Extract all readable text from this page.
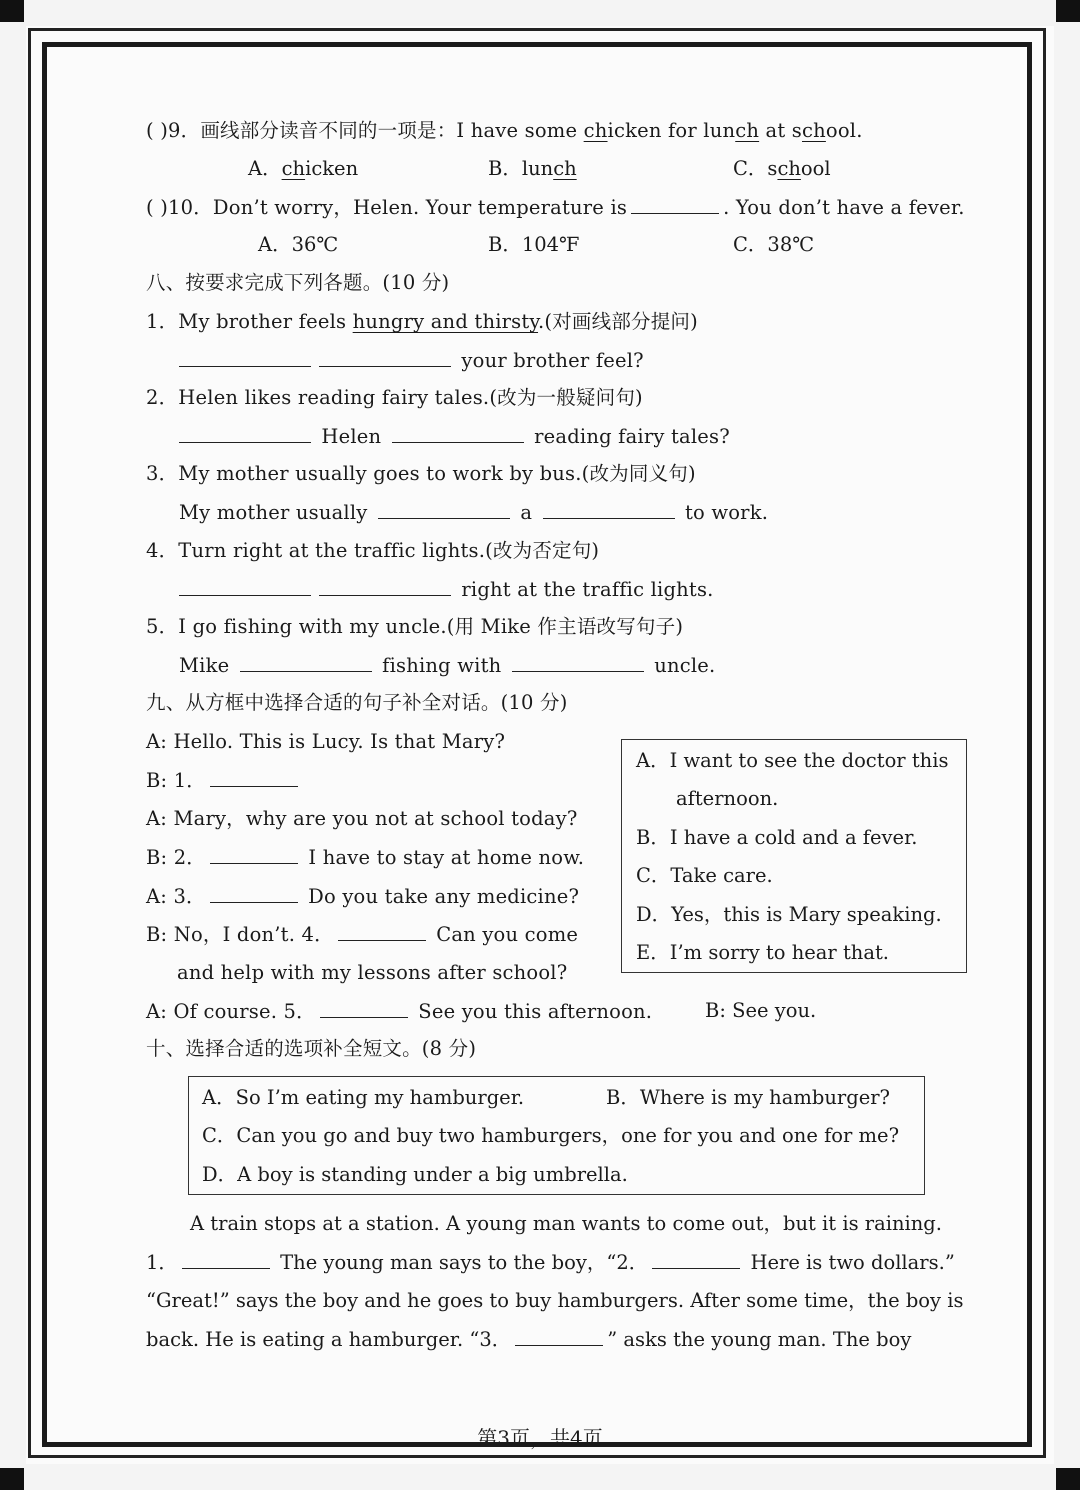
( )9．画线部分读音不同的一项是：I have some chicken for lunch at school.
A．chicken	B．lunch	C．school
( )10．Don’t worry，Helen. Your temperature is	. You don’t have a fever.
A．36℃	B．104℉	C．38℃
八、按要求完成下列各题。(10 分)
1．My brother feels hungry and thirsty.(对画线部分提问)
your brother feel?
2．Helen likes reading fairy tales.(改为一般疑问句)
Helen	reading fairy tales?
3．My mother usually goes to work by bus.(改为同义句)
My mother usually	a	to work.
4．Turn right at the traffic lights.(改为否定句)
right at the traffic lights.
5．I go fishing with my uncle.(用 Mike 作主语改写句子)
Mike	fishing with	uncle.
九、从方框中选择合适的句子补全对话。(10 分)
A: Hello. This is Lucy. Is that Mary?
B: 1．
A: Mary，why are you not at school today?
B: 2．	I have to stay at home now.
A: 3．	Do you take any medicine?
B: No，I don’t. 4．	Can you come
and help with my lessons after school?
A: Of course. 5．	See you this afternoon.	B: See you.
A．I want to see the doctor this
afternoon.
B．I have a cold and a fever.
C．Take care.
D．Yes，this is Mary speaking.
E．I’m sorry to hear that.
十、选择合适的选项补全短文。(8 分)
A．So I’m eating my hamburger.	B．Where is my hamburger?
C．Can you go and buy two hamburgers，one for you and one for me?
D．A boy is standing under a big umbrella.
A train stops at a station. A young man wants to come out，but it is raining.
1．	The young man says to the boy，“2．	Here is two dollars.”
“Great!” says the boy and he goes to buy hamburgers. After some time，the boy is
back. He is eating a hamburger. “3．	” asks the young man. The boy
第3页，共4页
